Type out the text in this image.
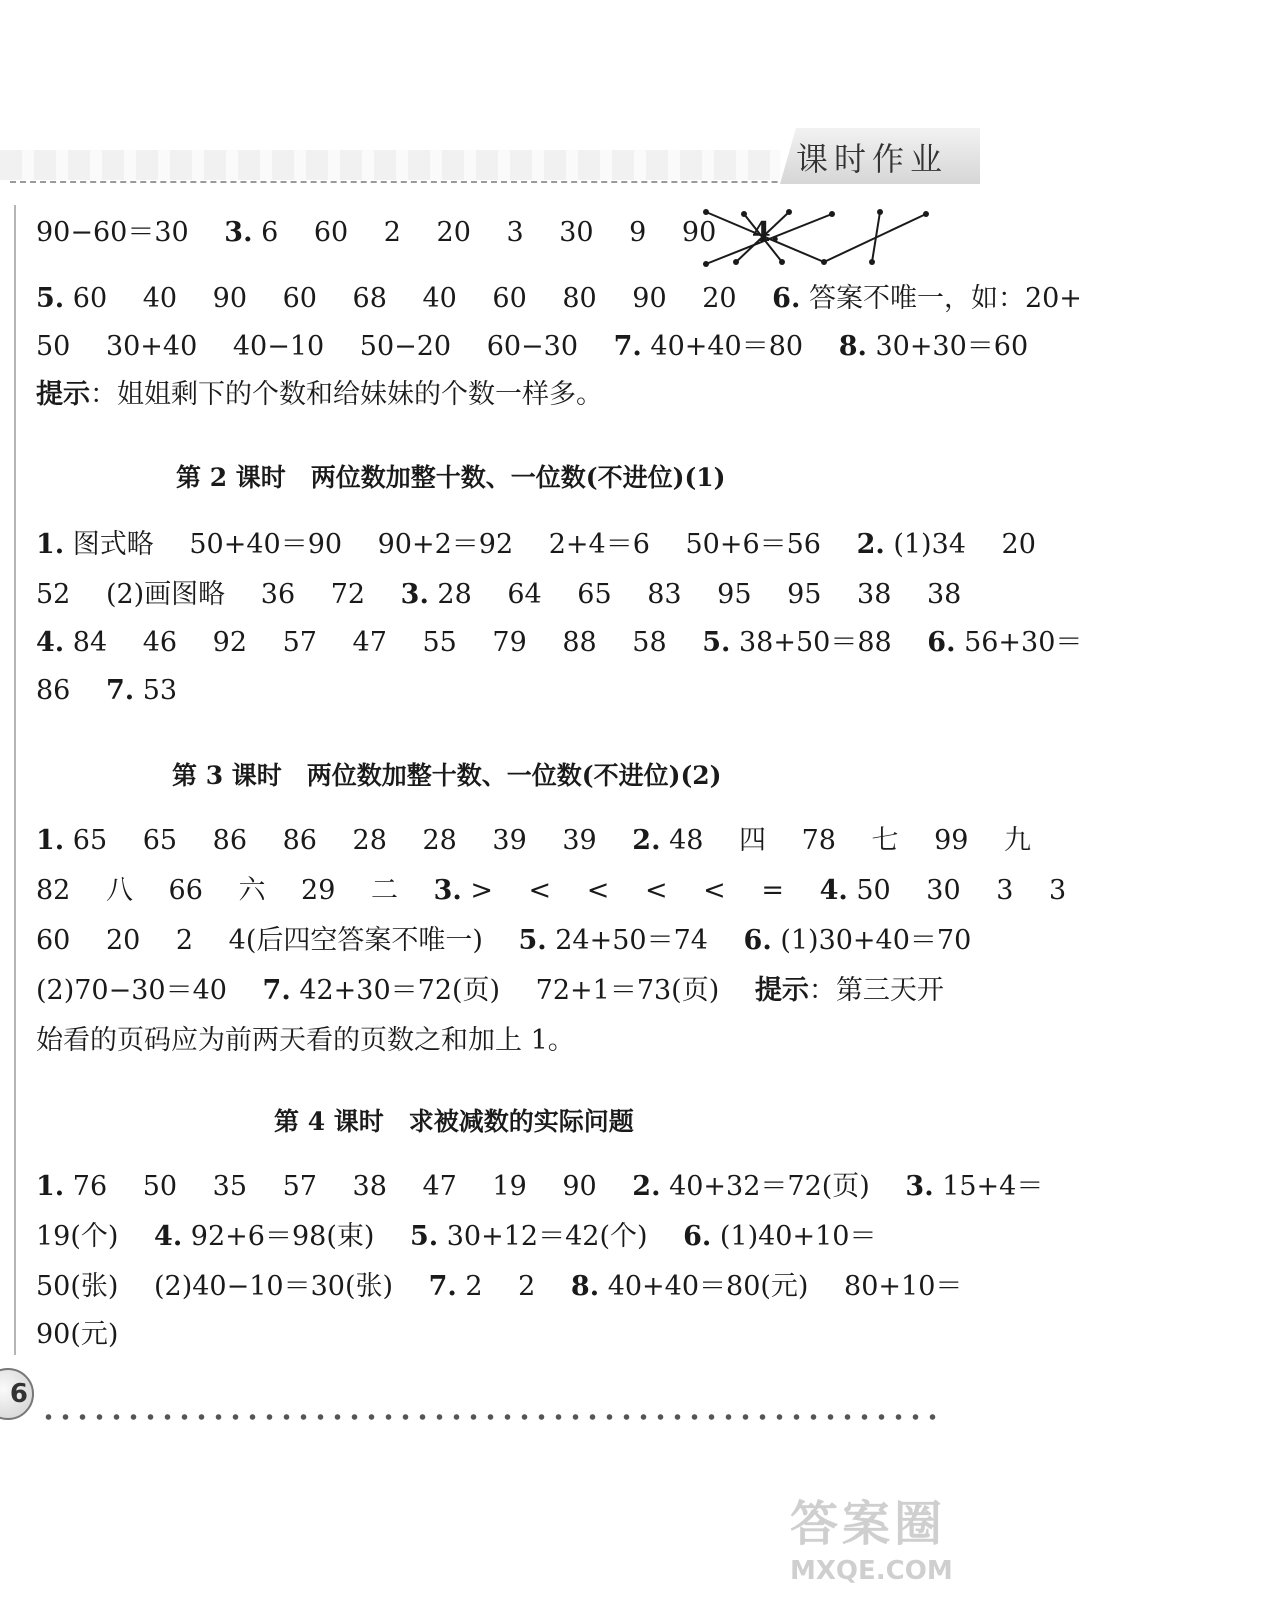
课时作业
90−60＝30　 3. 6　 60　 2　 20　 3　 30　 9　 90　 4.
5. 60　 40　 90　 60　 68　 40　 60　 80　 90　 20　 6. 答案不唯一，如：20+
50　 30+40　 40−10　 50−20　 60−30　 7. 40+40＝80　 8. 30+30＝60
提示：姐姐剩下的个数和给妹妹的个数一样多。
第 2 课时　两位数加整十数、一位数(不进位)(1)
1. 图式略　 50+40＝90　 90+2＝92　 2+4＝6　 50+6＝56　 2. (1)34　 20
52　 (2)画图略　 36　 72　 3. 28　 64　 65　 83　 95　 95　 38　 38
4. 84　 46　 92　 57　 47　 55　 79　 88　 58　 5. 38+50＝88　 6. 56+30＝
86　 7. 53
第 3 课时　两位数加整十数、一位数(不进位)(2)
1. 65　 65　 86　 86　 28　 28　 39　 39　 2. 48　 四　 78　 七　 99　 九
82　 八　 66　 六　 29　 二　 3. >　 <　 <　 <　 <　 =　 4. 50　 30　 3　 3
60　 20　 2　 4(后四空答案不唯一)　 5. 24+50＝74　 6. (1)30+40＝70
(2)70−30＝40　 7. 42+30＝72(页)　 72+1＝73(页)　 提示：第三天开
始看的页码应为前两天看的页数之和加上 1。
第 4 课时　求被减数的实际问题
1. 76　 50　 35　 57　 38　 47　 19　 90　 2. 40+32＝72(页)　 3. 15+4＝
19(个)　 4. 92+6＝98(束)　 5. 30+12＝42(个)　 6. (1)40+10＝
50(张)　 (2)40−10＝30(张)　 7. 2　 2　 8. 40+40＝80(元)　 80+10＝
90(元)
6
答案圈
MXQE.COM
